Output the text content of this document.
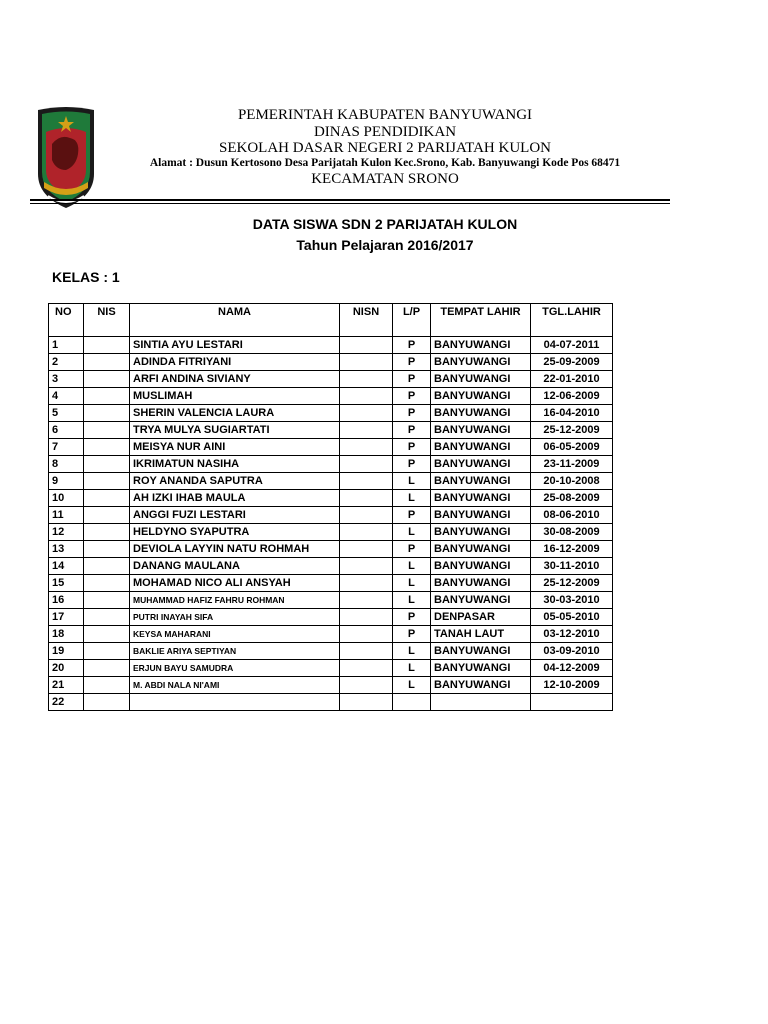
PEMERINTAH KABUPATEN BANYUWANGI
DINAS PENDIDIKAN
SEKOLAH DASAR NEGERI 2 PARIJATAH KULON
Alamat : Dusun Kertosono Desa Parijatah Kulon Kec.Srono, Kab. Banyuwangi Kode Pos 68471
KECAMATAN SRONO
DATA SISWA SDN 2 PARIJATAH KULON
Tahun Pelajaran 2016/2017
KELAS : 1
NO	NIS	NAMA	NISN	L/P	TEMPAT LAHIR	TGL.LAHIR
1		SINTIA AYU LESTARI		P	BANYUWANGI	04-07-2011
2		ADINDA FITRIYANI		P	BANYUWANGI	25-09-2009
3		ARFI ANDINA SIVIANY		P	BANYUWANGI	22-01-2010
4		MUSLIMAH		P	BANYUWANGI	12-06-2009
5		SHERIN VALENCIA LAURA		P	BANYUWANGI	16-04-2010
6		TRYA MULYA SUGIARTATI		P	BANYUWANGI	25-12-2009
7		MEISYA NUR AINI		P	BANYUWANGI	06-05-2009
8		IKRIMATUN NASIHA		P	BANYUWANGI	23-11-2009
9		ROY ANANDA SAPUTRA		L	BANYUWANGI	20-10-2008
10		AH IZKI IHAB MAULA		L	BANYUWANGI	25-08-2009
11		ANGGI FUZI LESTARI		P	BANYUWANGI	08-06-2010
12		HELDYNO SYAPUTRA		L	BANYUWANGI	30-08-2009
13		DEVIOLA LAYYIN NATU ROHMAH		P	BANYUWANGI	16-12-2009
14		DANANG MAULANA		L	BANYUWANGI	30-11-2010
15		MOHAMAD NICO ALI ANSYAH		L	BANYUWANGI	25-12-2009
16		MUHAMMAD HAFIZ FAHRU ROHMAN		L	BANYUWANGI	30-03-2010
17		PUTRI INAYAH SIFA		P	DENPASAR	05-05-2010
18		KEYSA MAHARANI		P	TANAH LAUT	03-12-2010
19		BAKLIE ARIYA SEPTIYAN		L	BANYUWANGI	03-09-2010
20		ERJUN BAYU SAMUDRA		L	BANYUWANGI	04-12-2009
21		M. ABDI NALA NI'AMI		L	BANYUWANGI	12-10-2009
22						
